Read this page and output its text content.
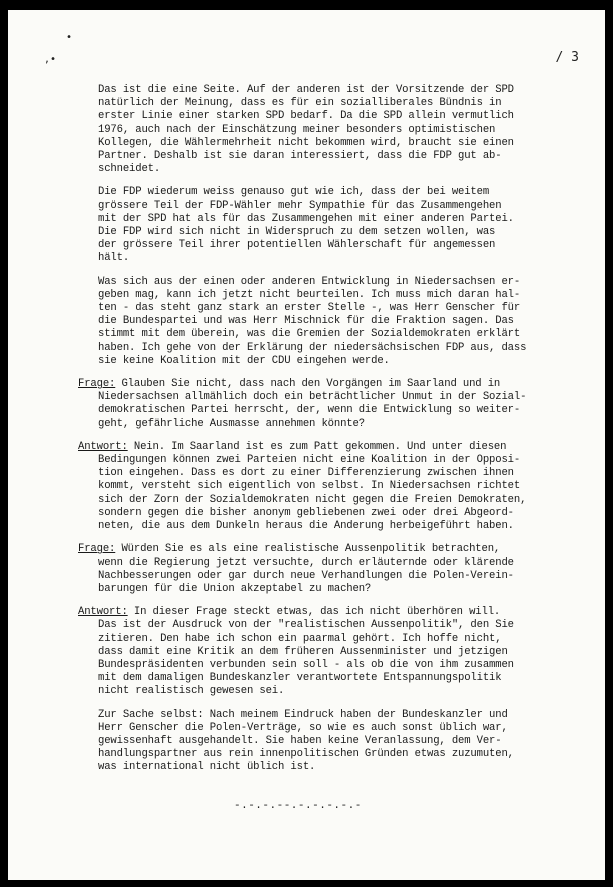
•
,•	/ 3
Das ist die eine Seite. Auf der anderen ist der Vorsitzende der SPD
natürlich der Meinung, dass es für ein sozialliberales Bündnis in
erster Linie einer starken SPD bedarf. Da die SPD allein vermutlich
1976, auch nach der Einschätzung meiner besonders optimistischen
Kollegen, die Wählermehrheit nicht bekommen wird, braucht sie einen
Partner. Deshalb ist sie daran interessiert, dass die FDP gut ab-
schneidet.
Die FDP wiederum weiss genauso gut wie ich, dass der bei weitem
grössere Teil der FDP-Wähler mehr Sympathie für das Zusammengehen
mit der SPD hat als für das Zusammengehen mit einer anderen Partei.
Die FDP wird sich nicht in Widerspruch zu dem setzen wollen, was
der grössere Teil ihrer potentiellen Wählerschaft für angemessen
hält.
Was sich aus der einen oder anderen Entwicklung in Niedersachsen er-
geben mag, kann ich jetzt nicht beurteilen. Ich muss mich daran hal-
ten - das steht ganz stark an erster Stelle -, was Herr Genscher für
die Bundespartei und was Herr Mischnick für die Fraktion sagen. Das
stimmt mit dem überein, was die Gremien der Sozialdemokraten erklärt
haben. Ich gehe von der Erklärung der niedersächsischen FDP aus, dass
sie keine Koalition mit der CDU eingehen werde.
Frage: Glauben Sie nicht, dass nach den Vorgängen im Saarland und in
Niedersachsen allmählich doch ein beträchtlicher Unmut in der Sozial-
demokratischen Partei herrscht, der, wenn die Entwicklung so weiter-
geht, gefährliche Ausmasse annehmen könnte?
Antwort: Nein. Im Saarland ist es zum Patt gekommen. Und unter diesen
Bedingungen können zwei Parteien nicht eine Koalition in der Opposi-
tion eingehen. Dass es dort zu einer Differenzierung zwischen ihnen
kommt, versteht sich eigentlich von selbst. In Niedersachsen richtet
sich der Zorn der Sozialdemokraten nicht gegen die Freien Demokraten,
sondern gegen die bisher anonym gebliebenen zwei oder drei Abgeord-
neten, die aus dem Dunkeln heraus die Änderung herbeigeführt haben.
Frage: Würden Sie es als eine realistische Aussenpolitik betrachten,
wenn die Regierung jetzt versuchte, durch erläuternde oder klärende
Nachbesserungen oder gar durch neue Verhandlungen die Polen-Verein-
barungen für die Union akzeptabel zu machen?
Antwort: In dieser Frage steckt etwas, das ich nicht überhören will.
Das ist der Ausdruck von der "realistischen Aussenpolitik", den Sie
zitieren. Den habe ich schon ein paarmal gehört. Ich hoffe nicht,
dass damit eine Kritik an dem früheren Aussenminister und jetzigen
Bundespräsidenten verbunden sein soll - als ob die von ihm zusammen
mit dem damaligen Bundeskanzler verantwortete Entspannungspolitik
nicht realistisch gewesen sei.
Zur Sache selbst: Nach meinem Eindruck haben der Bundeskanzler und
Herr Genscher die Polen-Verträge, so wie es auch sonst üblich war,
gewissenhaft ausgehandelt. Sie haben keine Veranlassung, dem Ver-
handlungspartner aus rein innenpolitischen Gründen etwas zuzumuten,
was international nicht üblich ist.
-.-.-.--.-.-.-.-.-
